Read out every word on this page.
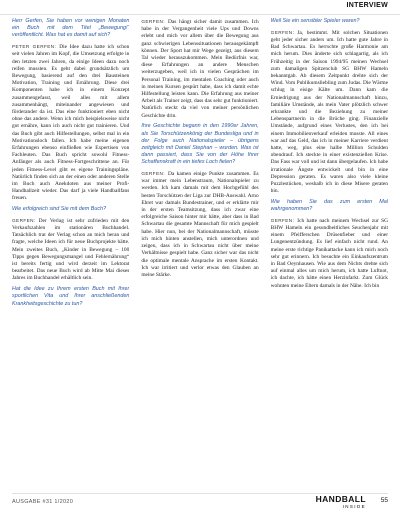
INTERVIEW

Herr Gerfen, Sie haben vor wenigen Monaten ein Buch mit dem Titel „Bewegung!“ veröffentlicht. Was hat es damit auf sich?

PETER GERFEN: Die Idee dazu hatte ich schon seit vielen Jahren im Kopf, die Umsetzung erfolgte in den letzten zwei Jahren, da einige Ideen dazu noch reifen mussten. Es geht dabei grundsätzlich um Bewegung, basierend auf den drei Bausteinen Motivation, Training und Ernährung. Diese drei Komponenten habe ich in einem Konzept zusammengefasst, weil alles mit allem zusammenhängt, miteinander angewiesen und förderander da ist. Das eine funktioniert eben nicht ohne das andere. Wenn ich mich beispielsweise nicht gut ernähre, kann ich auch nicht gut trainieren. Und das Buch gibt auch Hilfestellungen, selbst mal in ein Motivationsloch fallen. Ich habe meine eigenen Erfahrungen ebenso einfließen wie Expertisen von Fachleuten. Das Buch spricht sowohl Fitness-Anfänger als auch Fitness-Fortgeschrittene an. Für jeden Fitness-Level gibt es eigene Trainingspläne. Natürlich finden sich an der einen oder anderen Stelle im Buch auch Anekdoten aus meiner Profi-Handballzeit wieder. Das darf ja viele Handballfans freuen.

Wie erfolgreich sind Sie mit dem Buch?

GERFEN: Der Verlag ist sehr zufrieden mit den Verkaufszahlen im stationären Buchhandel. Tatsächlich trat der Verlag schon an mich heran und fragte, welche Ideen ich für neue Buchprojekte hätte. Mein zweites Buch, „Kinder in Bewegung – 100 Tipps gegen Bewegungsmangel und Fehlernährung“ ist bereits fertig und wird derzeit im Lektorat bearbeitet. Das neue Buch wird ab Mitte Mai dieses Jahres im Buchhandel erhältlich sein.

Hat die Idee zu Ihrem ersten Buch mit Ihrer sportlichen Vita und Ihrer anschließenden Krankheitsgeschichte zu tun?

GERFEN: Das hängt sicher damit zusammen. Ich habe in der Vergangenheit viele Ups und Downs erlebt und mich vor allem über die Bewegung aus ganz schwierigen Lebenssituationen herausgekämpft können. Der Sport hat mir Wege gezeigt, aus diesem Tal wieder herauszukommen. Mein Bedürfnis war, diese Erfahrungen an andere Menschen weiterzugeben, weil ich in vielen Gesprächen im Personal Training, im mentalen Coaching oder auch in meinen Kursen gespürt habe, dass ich damit echte Hilfestellung leisten kann. Die Erfahrung aus meiner Arbeit als Trainer zeigt, dass das sehr gut funktioniert. Natürlich steckt da viel von meiner persönlichen Geschichte drin.

Ihre Geschichte begann in den 1990er Jahren, als Sie Torschützenkönig der Bundesliga und in der Folge auch Nationalspieler – übrigens zeitgleich mit Daniel Stephan – wurden. Was ist dann passiert, dass Sie von der Höhe Ihrer Schaffenskraft in ein tiefes Loch fielen?

GERFEN: Da kamen einige Punkte zusammen. Es war immer mein Lebenstraum, Nationalspieler zu werden. Ich kam damals mit dem Hochgefühl des besten Torschützen der Liga zur DHB-Auswahl. Arno Ehret war damals Bundestrainer, und er erklärte mir in der ersten Teamsitzung, dass ich zwar eine erfolgreiche Saison hinter mir hätte, aber dass in Bad Schwartau die gesamte Mannschaft für mich gespielt habe. Hier nun, bei der Nationalmannschaft, müsste ich mich hinten anstellen, mich unterordnen und zeigen, dass ich in Schwartau nicht über meine Verhältnisse gespielt habe. Ganz sicher war das nicht die optimale mentale Ansprache im ersten Kontakt. Ich war irritiert und verlor etwas den Glauben an meine Stärke.

Weil Sie ein sensibler Spieler waren?

GERFEN: Ja, bestimmt. Mit solchen Situationen geht jeder sicher anders um. Ich hatte gute Jahre in Bad Schwartau. Es herrschte große Harmonie am mich herum. Dies änderte sich schlagartig, als ich Frühzeitig in der Saison 1994/95 meinen Wechsel zum damaligen Spitzenclub SG BHW Hameln bekanntgab. Ab diesem Zeitpunkt drehte sich der Wind. Vom Publikumsliebling zum Judas. Die Wärme schlug in eisige Kälte um. Dann kam die Erniedrigung aus der Nationalmannschaft hinzu, familiäre Umstände, als mein Vater plötzlich schwer erkrankte und die Beziehung zu meiner Lebenspartnerin in die Brüche ging. Finanzielle Umstände, aufgrund eines Verlustes, den ich bei einem Immobilienverkauf erleiden musste. All eines war auf das Geld, das ich in meiner Karriere verdient hatte, weg, plus eine halbe Million Schulden obendrauf. Ich steckte in einer existenziellen Krise. Das Fass war voll und ist dann übergelaufen. Ich habe irrationale Ängste entwickelt und bin in eine Depression geraten. Es waren also viele kleine Puzzlestücken, weshalb ich in diese Misere geraten bin.

Wie haben Sie das zum ersten Mal wahrgenommen?

GERFEN: Ich hatte nach meinem Wechsel zur SG BHW Hameln ein gesundheitliches Seuchenjahr mit einem Pfeifferschen Drüsenfieber und einer Lungenentzündung. Es lief einfach nicht rund. An meine erste richtige Panikattacke kann ich mich noch sehr gut erinnern. Ich besuchte ein Einkaufszentrum in Bad Oeynhausen. Wie aus dem Nichts drehte sich auf einmal alles um mich herum, ich hatte Luftnot, ich dachte, ich hätte einen Herzinfarkt. Zum Glück wohnten meine Eltern damals in der Nähe. Ich bin

AUSGABE #31 1/2020	HANDBALL
INSIDE
55
